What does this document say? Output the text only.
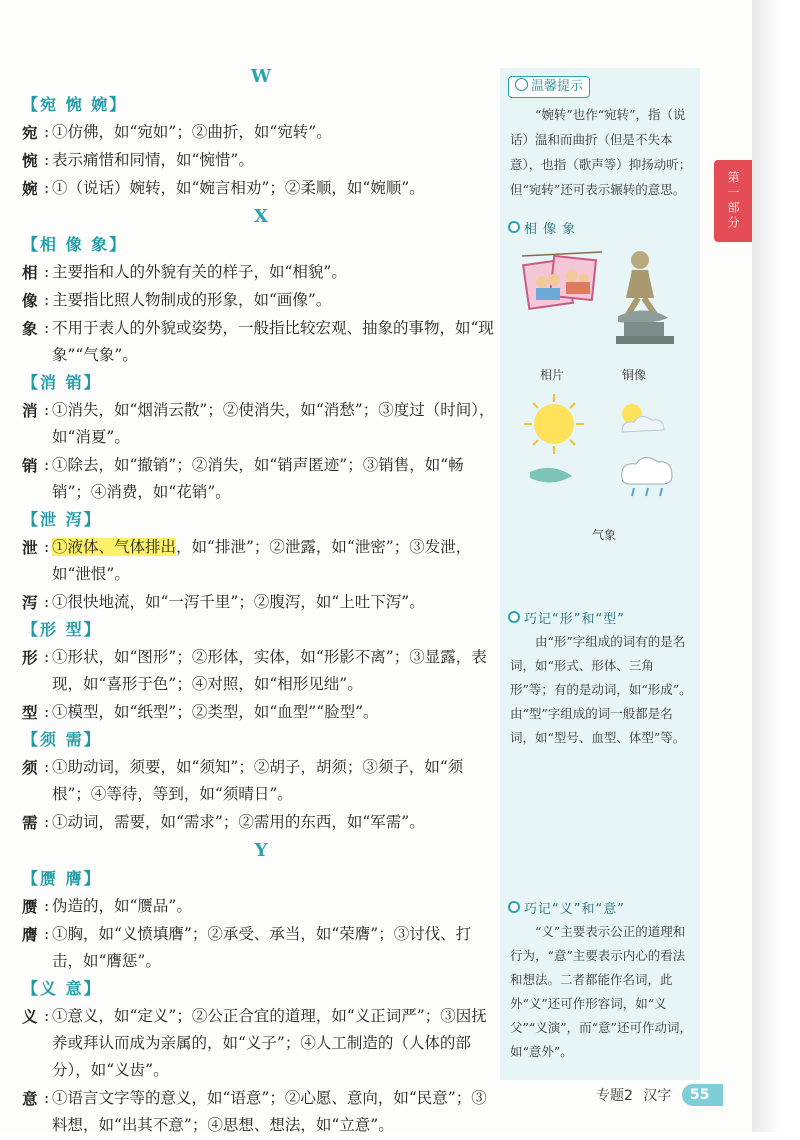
W
【宛 惋 婉】
宛 : ①仿佛，如“宛如”；②曲折，如“宛转”。
惋 : 表示痛惜和同情，如“惋惜”。
婉 : ①（说话）婉转，如“婉言相劝”；②柔顺，如“婉顺”。
X
【相 像 象】
相 : 主要指和人的外貌有关的样子，如“相貌”。
像 : 主要指比照人物制成的形象，如“画像”。
象 : 不用于表人的外貌或姿势，一般指比较宏观、抽象的事物，如“现象”“气象”。
【消 销】
消 : ①消失，如“烟消云散”；②使消失，如“消愁”；③度过（时间），如“消夏”。
销 : ①除去，如“撤销”；②消失，如“销声匿迹”；③销售，如“畅销”；④消费，如“花销”。
【泄 泻】
泄 : ①液体、气体排出，如“排泄”；②泄露，如“泄密”；③发泄，如“泄恨”。
泻 : ①很快地流，如“一泻千里”；②腹泻，如“上吐下泻”。
【形 型】
形 : ①形状，如“图形”；②形体，实体，如“形影不离”；③显露，表现，如“喜形于色”；④对照，如“相形见绌”。
型 : ①模型，如“纸型”；②类型，如“血型”“脸型”。
【须 需】
须 : ①助动词，须要，如“须知”；②胡子，胡须；③须子，如“须根”；④等待，等到，如“须晴日”。
需 : ①动词，需要，如“需求”；②需用的东西，如“军需”。
Y
【赝 膺】
赝 : 伪造的，如“赝品”。
膺 : ①胸，如“义愤填膺”；②承受、承当，如“荣膺”；③讨伐、打击，如“膺惩”。
【义 意】
义 : ①意义，如“定义”；②公正合宜的道理，如“义正词严”；③因抚养或拜认而成为亲属的，如“义子”；④人工制造的（人体的部分），如“义齿”。
意 : ①语言文字等的意义，如“语意”；②心愿、意向，如“民意”；③料想，如“出其不意”；④思想、想法，如“立意”。
温馨提示
“婉转”也作“宛转”，指（说话）温和而曲折（但是不失本意），也指（歌声等）抑扬动听；但“宛转”还可表示辗转的意思。
相 像 象
相片	铜像
气象
巧记“形”和“型”
由“形”字组成的词有的是名词，如“形式、形体、三角形”等；有的是动词，如“形成”。由“型”字组成的词一般都是名词，如“型号、血型、体型”等。
巧记“义”和“意”
“义”主要表示公正的道理和行为，“意”主要表示内心的看法和想法。二者都能作名词，此外“义”还可作形容词，如“义父”“义演”，而“意”还可作动词，如“意外”。
第一部分
专题2 汉字 55
